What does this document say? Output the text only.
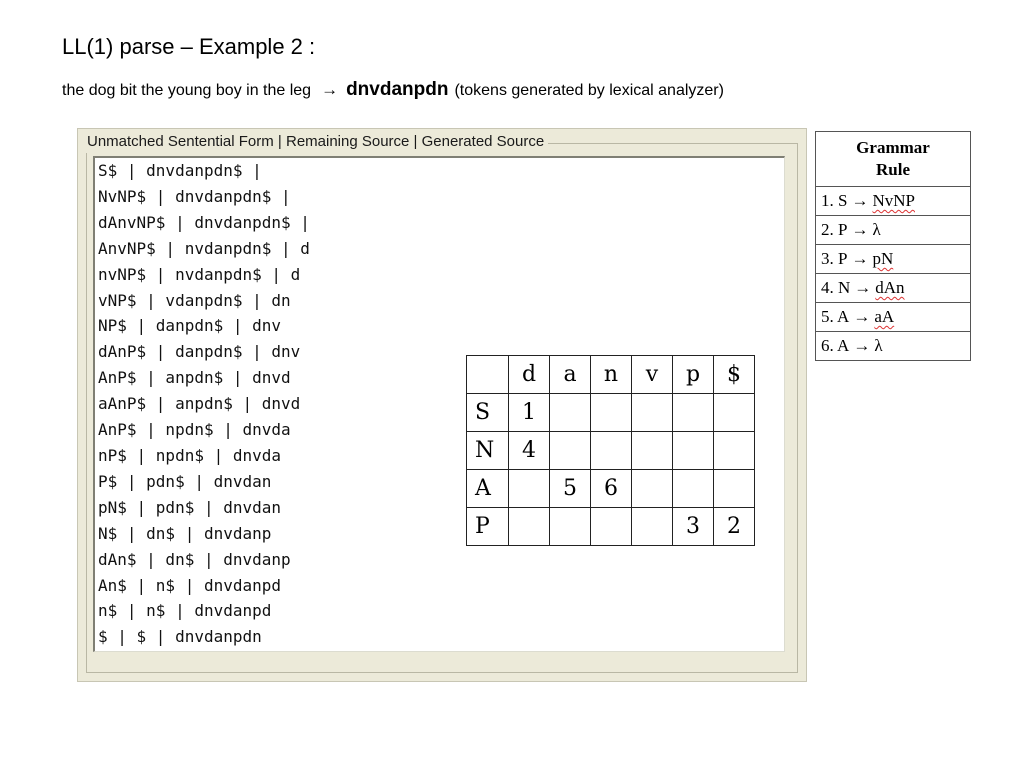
LL(1) parse – Example 2 :
the dog bit the young boy in the leg → dnvdanpdn (tokens generated by lexical analyzer)
Unmatched Sentential Form | Remaining Source | Generated Source
S$ | dnvdanpdn$ |
NvNP$ | dnvdanpdn$ |
dAnvNP$ | dnvdanpdn$ |
AnvNP$ | nvdanpdn$ | d
nvNP$ | nvdanpdn$ | d
vNP$ | vdanpdn$ | dn
NP$ | danpdn$ | dnv
dAnP$ | danpdn$ | dnv
AnP$ | anpdn$ | dnvd
aAnP$ | anpdn$ | dnvd
AnP$ | npdn$ | dnvda
nP$ | npdn$ | dnvda
P$ | pdn$ | dnvdan
pN$ | pdn$ | dnvdan
N$ | dn$ | dnvdanp
dAn$ | dn$ | dnvdanp
An$ | n$ | dnvdanpd
n$ | n$ | dnvdanpd
$ | $ | dnvdanpdn
	d	a	n	v	p	$
S	1					
N	4					
A		5	6			
P					3	2
Grammar
Rule

1. S → NvNP
2. P → λ
3. P → pN
4. N → dAn
5. A → aA
6. A → λ
